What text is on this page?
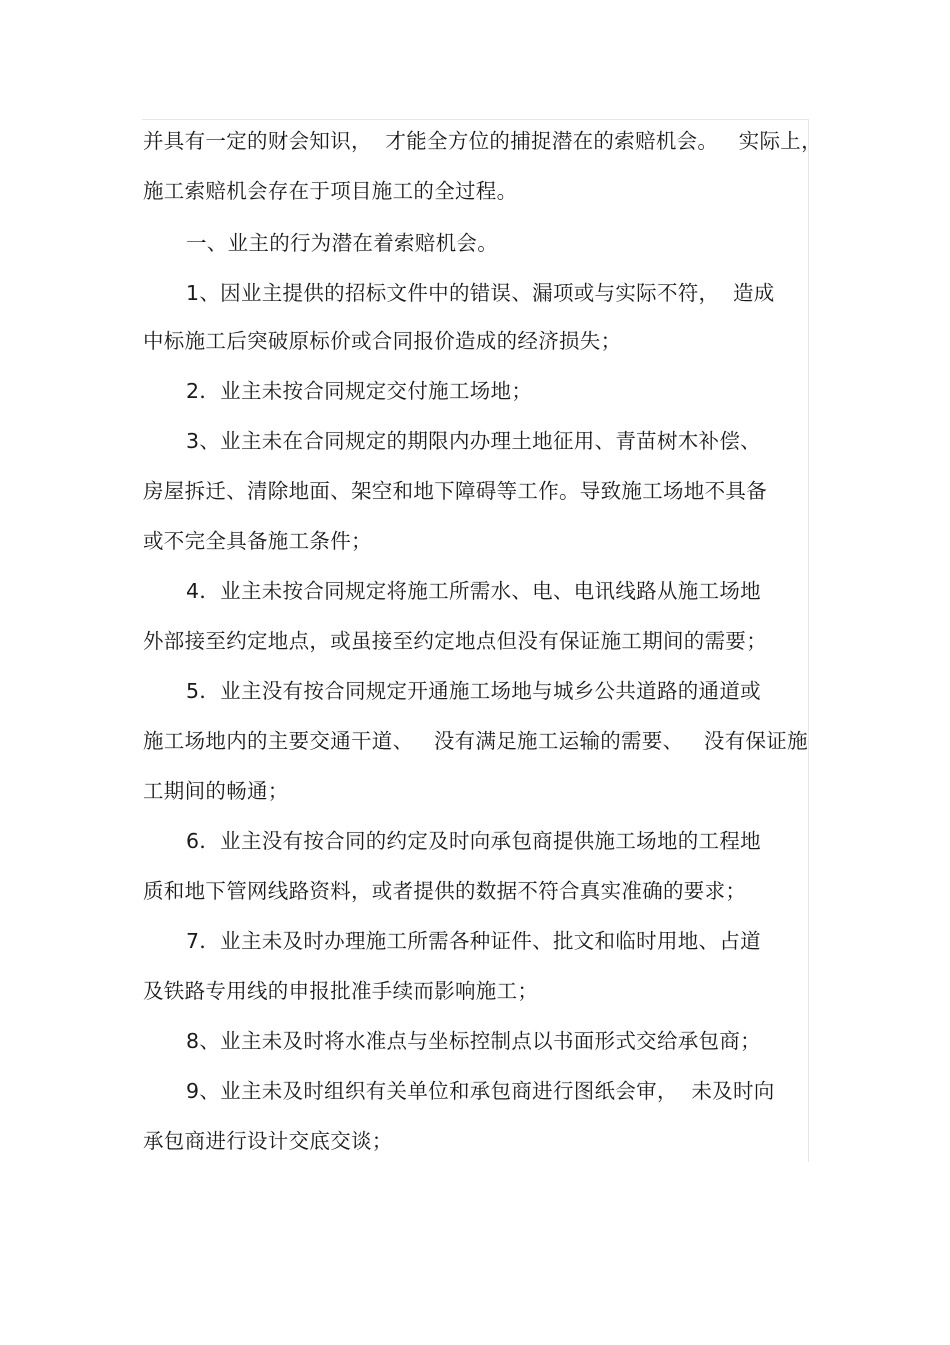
并具有一定的财会知识，  才能全方位的捕捉潜在的索赔机会。   实际上，
施工索赔机会存在于项目施工的全过程。
一、业主的行为潜在着索赔机会。
1、因业主提供的招标文件中的错误、漏项或与实际不符，  造成
中标施工后突破原标价或合同报价造成的经济损失；
2．业主未按合同规定交付施工场地；
3、业主未在合同规定的期限内办理土地征用、青苗树木补偿、
房屋拆迁、清除地面、架空和地下障碍等工作。导致施工场地不具备
或不完全具备施工条件；
4．业主未按合同规定将施工所需水、电、电讯线路从施工场地
外部接至约定地点，或虽接至约定地点但没有保证施工期间的需要；
5．业主没有按合同规定开通施工场地与城乡公共道路的通道或
施工场地内的主要交通干道、   没有满足施工运输的需要、   没有保证施
工期间的畅通；
6．业主没有按合同的约定及时向承包商提供施工场地的工程地
质和地下管网线路资料，或者提供的数据不符合真实准确的要求；
7．业主未及时办理施工所需各种证件、批文和临时用地、占道
及铁路专用线的申报批准手续而影响施工；
8、业主未及时将水准点与坐标控制点以书面形式交给承包商；
9、业主未及时组织有关单位和承包商进行图纸会审，  未及时向
承包商进行设计交底交谈；
